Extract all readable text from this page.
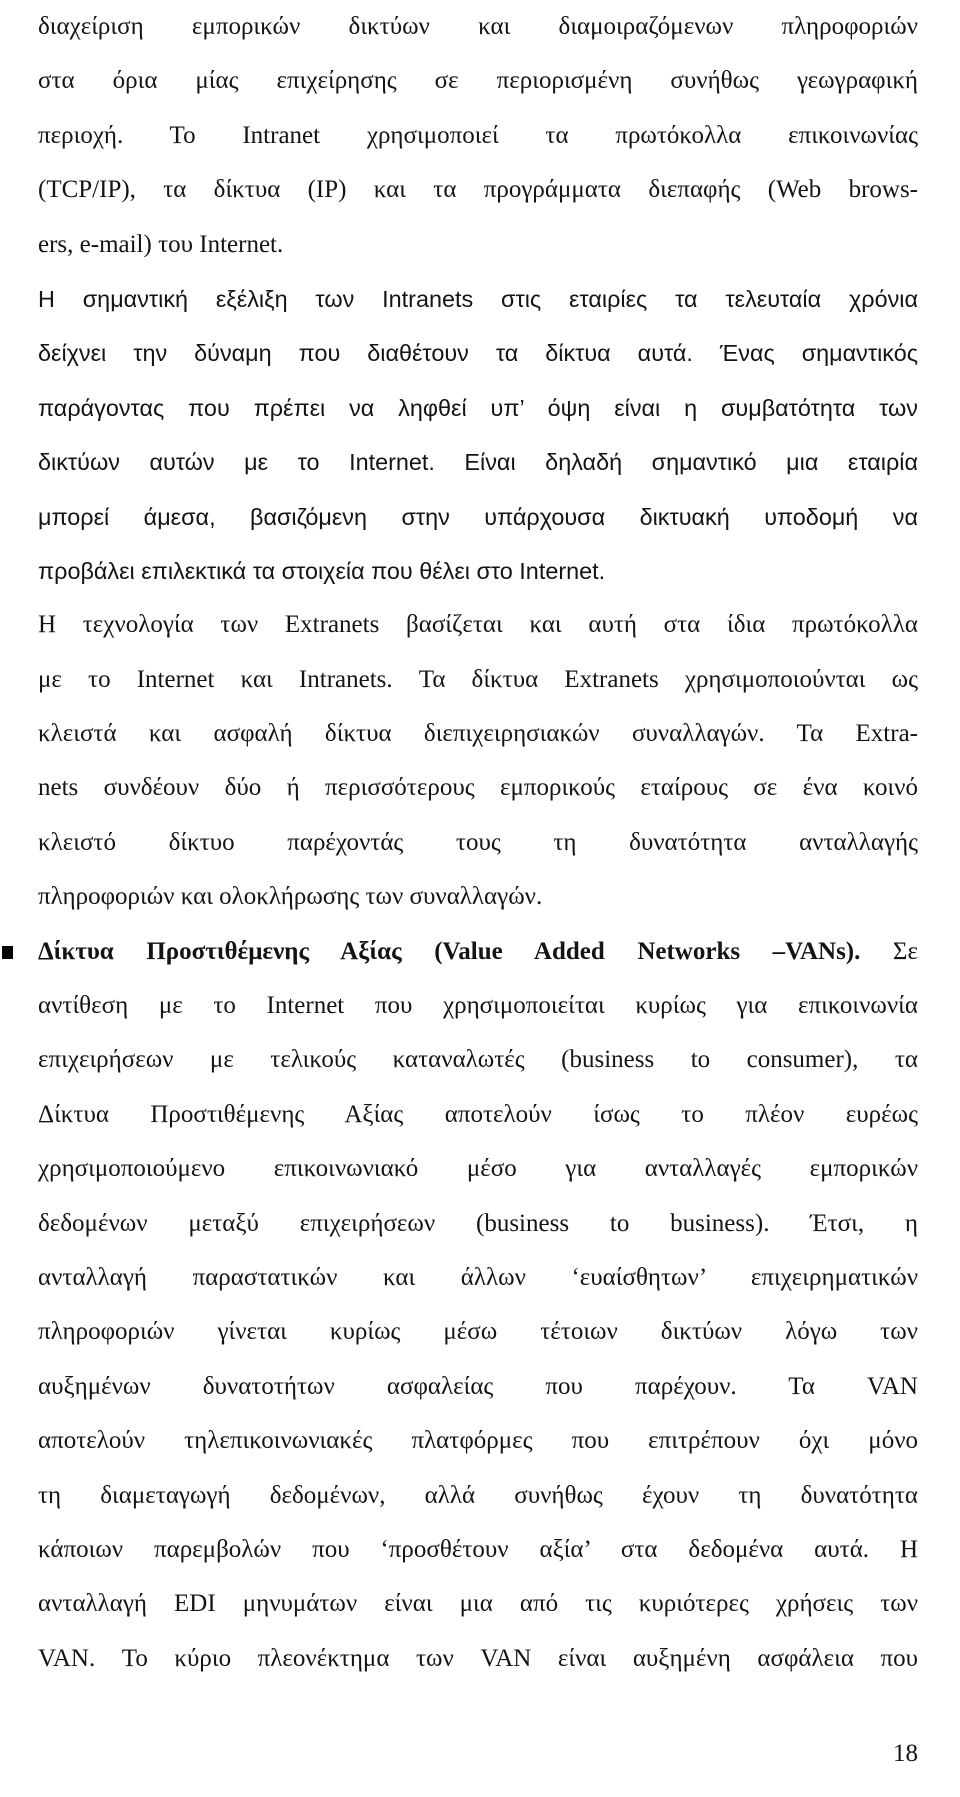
διαχείριση εμπορικών δικτύων και διαμοιραζόμενων πληροφοριών
στα όρια μίας επιχείρησης σε περιορισμένη συνήθως γεωγραφική
περιοχή. Το Intranet χρησιμοποιεί τα πρωτόκολλα επικοινωνίας
(TCP/IP), τα δίκτυα (IP) και τα προγράμματα διεπαφής (Web brows-
ers, e-mail) του Internet.
Η σημαντική εξέλιξη των Intranets στις εταιρίες τα τελευταία χρόνια
δείχνει την δύναμη που διαθέτουν τα δίκτυα αυτά. Ένας σημαντικός
παράγοντας που πρέπει να ληφθεί υπ’ όψη είναι η συμβατότητα των
δικτύων αυτών με το Internet. Είναι δηλαδή σημαντικό μια εταιρία
μπορεί άμεσα, βασιζόμενη στην υπάρχουσα δικτυακή υποδομή να
προβάλει επιλεκτικά τα στοιχεία που θέλει στο Internet.
Η τεχνολογία των Extranets βασίζεται και αυτή στα ίδια πρωτόκολλα
με το Internet και Intranets. Τα δίκτυα Extranets χρησιμοποιούνται ως
κλειστά και ασφαλή δίκτυα διεπιχειρησιακών συναλλαγών. Τα Extra-
nets συνδέουν δύο ή περισσότερους εμπορικούς εταίρους σε ένα κοινό
κλειστό δίκτυο παρέχοντάς τους τη δυνατότητα ανταλλαγής
πληροφοριών και ολοκλήρωσης των συναλλαγών.
Δίκτυα Προστιθέμενης Αξίας (Value Added Networks –VANs). Σε
αντίθεση με το Internet που χρησιμοποιείται κυρίως για επικοινωνία
επιχειρήσεων με τελικούς καταναλωτές (business to consumer), τα
Δίκτυα Προστιθέμενης Αξίας αποτελούν ίσως το πλέον ευρέως
χρησιμοποιούμενο επικοινωνιακό μέσο για ανταλλαγές εμπορικών
δεδομένων μεταξύ επιχειρήσεων (business to business). Έτσι, η
ανταλλαγή παραστατικών και άλλων ‘ευαίσθητων’ επιχειρηματικών
πληροφοριών γίνεται κυρίως μέσω τέτοιων δικτύων λόγω των
αυξημένων δυνατοτήτων ασφαλείας που παρέχουν. Τα VAN
αποτελούν τηλεπικοινωνιακές πλατφόρμες που επιτρέπουν όχι μόνο
τη διαμεταγωγή δεδομένων, αλλά συνήθως έχουν τη δυνατότητα
κάποιων παρεμβολών που ‘προσθέτουν αξία’ στα δεδομένα αυτά. Η
ανταλλαγή EDI μηνυμάτων είναι μια από τις κυριότερες χρήσεις των
VAN. Το κύριο πλεονέκτημα των VAN είναι αυξημένη ασφάλεια που
18
